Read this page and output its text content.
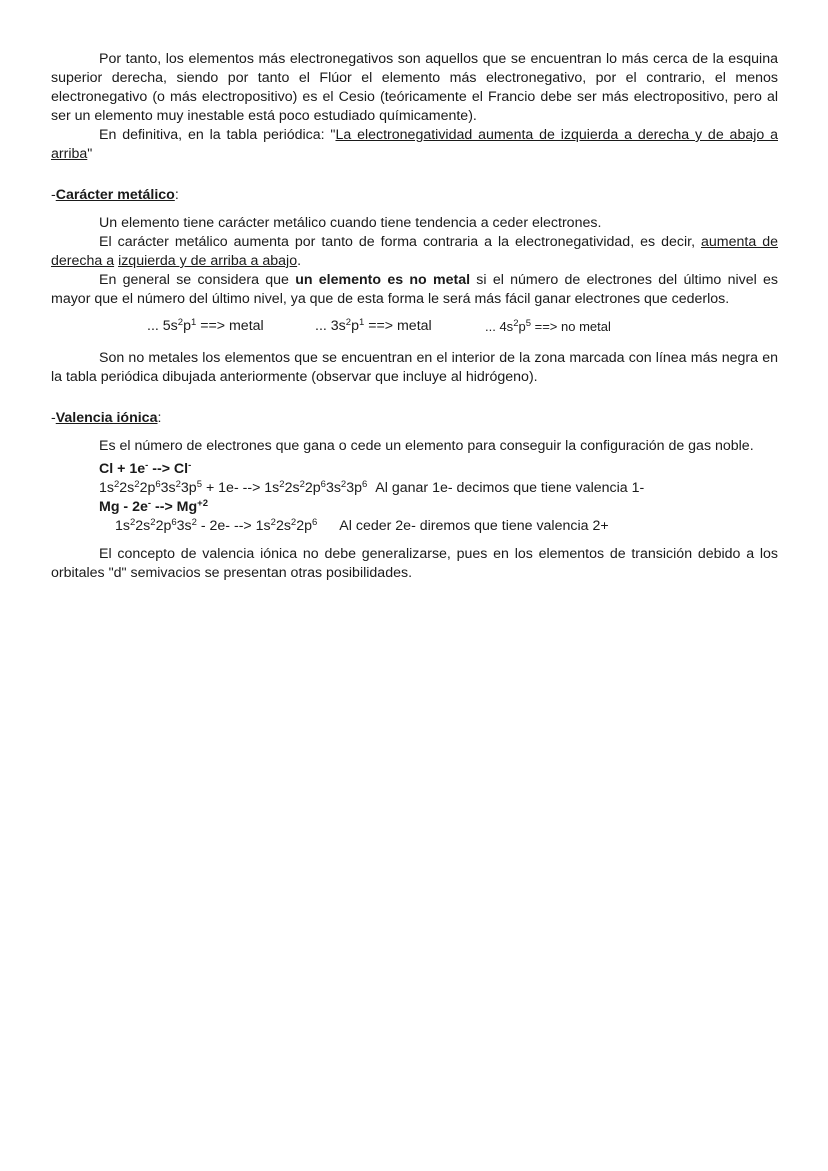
Por tanto, los elementos más electronegativos son aquellos que se encuentran lo más cerca de la esquina superior derecha, siendo por tanto el Flúor el elemento más electronegativo, por el contrario, el menos electronegativo (o más electropositivo) es el Cesio (teóricamente el Francio debe ser más electropositivo, pero al ser un elemento muy inestable está poco estudiado químicamente).

En definitiva, en la tabla periódica: "La electronegatividad aumenta de izquierda a derecha y de abajo a arriba"

-Carácter metálico:

Un elemento tiene carácter metálico cuando tiene tendencia a ceder electrones.

El carácter metálico aumenta por tanto de forma contraria a la electronegatividad, es decir, aumenta de derecha a izquierda y de arriba a abajo.

En general se considera que un elemento es no metal si el número de electrones del último nivel es mayor que el número del último nivel, ya que de esta forma le será más fácil ganar electrones que cederlos.

... $5s^2p^1$ ==> metal	... $3s^2p^1$ ==> metal	... $4s^2p^5$ ==> no metal

Son no metales los elementos que se encuentran en el interior de la zona marcada con línea más negra en la tabla periódica dibujada anteriormente (observar que incluye al hidrógeno).

-Valencia iónica:

Es el número de electrones que gana o cede un elemento para conseguir la configuración de gas noble.

Cl + 1e- --> Cl-

$1s^22s^22p^63s^23p^5 + 1e-$ --> $1s^22s^22p^63s^23p^6$ Al ganar 1e- decimos que tiene valencia 1-

Mg - 2e- --> $Mg^{+2}$

$1s^22s^22p^63s^2 - 2e-$ --> $1s^22s^22p^6$ Al ceder 2e- diremos que tiene valencia 2+

El concepto de valencia iónica no debe generalizarse, pues en los elementos de transición debido a los orbitales "d" semivacios se presentan otras posibilidades.
